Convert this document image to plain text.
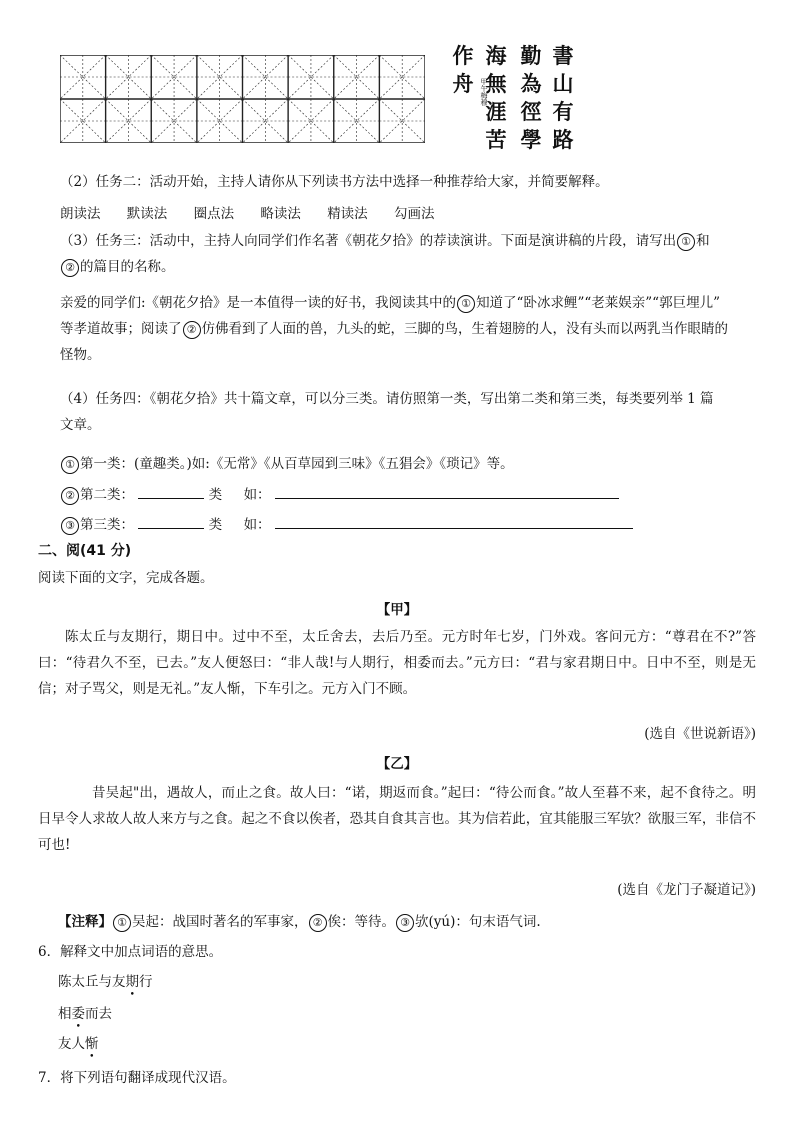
書山有路
勤為徑學
海無涯苦
作舟 甲午梅穆
（2）任务二：活动开始，主持人请你从下列读书方法中选择一种推荐给大家，并简要解释。
朗读法 默读法 圈点法 略读法 精读法 勾画法
（3）任务三：活动中，主持人向同学们作名著《朝花夕拾》的荐读演讲。下面是演讲稿的片段，请写出 ① 和
② 的篇目的名称。
亲爱的同学们:《朝花夕拾》是一本值得一读的好书，我阅读其中的 ① 知道了“卧冰求鲤”“老莱娱亲”“郭巨埋儿”
等孝道故事；阅读了 ② 仿佛看到了人面的兽，九头的蛇，三脚的鸟，生着翅膀的人，没有头而以两乳当作眼睛的
怪物。
（4）任务四：《朝花夕拾》共十篇文章，可以分三类。请仿照第一类，写出第二类和第三类，每类要列举 1 篇
文章。
① 第一类：(童趣类。)如:《无常》《从百草园到三味》《五猖会》《琐记》等。
② 第二类：	类 如：
③ 第三类：	类 如：
二、阅(41 分)
阅读下面的文字，完成各题。
【甲】
陈太丘与友期行，期日中。过中不至，太丘舍去，去后乃至。元方时年七岁，门外戏。客问元方：“尊君在不?”答曰：“待君久不至，已去。”友人便怒曰：“非人哉!与人期行，相委而去。”元方曰：“君与家君期日中。日中不至，则是无信；对子骂父，则是无礼。”友人惭，下车引之。元方入门不顾。
(选自《世说新语》)
【乙】
昔吴起"出，遇故人，而止之食。故人曰：“诺，期返而食。”起曰：“待公而食。”故人至暮不来，起不食待之。明日早令人求故人故人来方与之食。起之不食以俟者，恐其自食其言也。其为信若此，宜其能服三军欤？欲服三军，非信不可也!
(选自《龙门子凝道记》)
【注释】 ① 吴起：战国时著名的军事家， ② 俟：等待。 ③ 欤(yú)：句末语气词.
6．解释文中加点词语的意思。
陈太丘与友期行
相委而去
友人惭
7．将下列语句翻译成现代汉语。
